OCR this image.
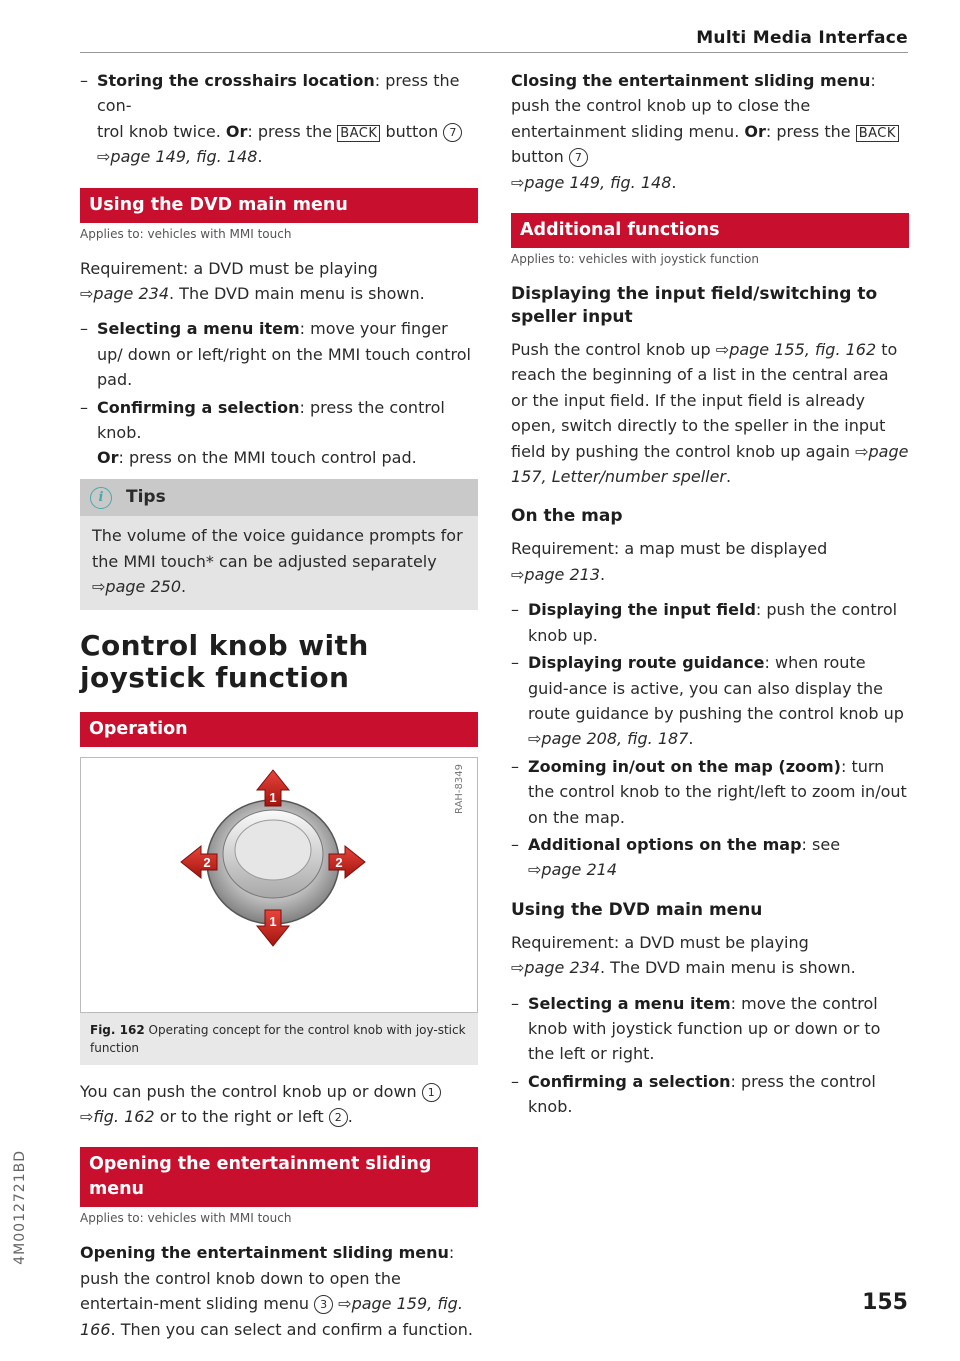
Multi Media Interface
– Storing the crosshairs location: press the con-
trol knob twice. Or: press the BACK button 7
⇨page 149, fig. 148.
Using the DVD main menu
Applies to: vehicles with MMI touch

Requirement: a DVD must be playing
⇨page 234. The DVD main menu is shown.

– Selecting a menu item: move your finger up/ down or left/right on the MMI touch control pad.
– Confirming a selection: press the control knob.
Or: press on the MMI touch control pad.
i	Tips
The volume of the voice guidance prompts for the MMI touch* can be adjusted separately
⇨page 250.
Control knob with
joystick function
Operation
RAH-8349
1
1
2	2
Fig. 162 Operating concept for the control knob with joy-stick function

You can push the control knob up or down 1
⇨fig. 162 or to the right or left 2 .

Opening the entertainment sliding menu
Applies to: vehicles with MMI touch

Opening the entertainment sliding menu: push the control knob down to open the entertain-ment sliding menu 3 ⇨page 159, fig. 166. Then you can select and confirm a function.

Closing the entertainment sliding menu: push the control knob up to close the entertainment sliding menu. Or: press the BACK button 7
⇨page 149, fig. 148.

Additional functions
Applies to: vehicles with joystick function
Displaying the input field/switching to speller input

Push the control knob up ⇨page 155, fig. 162 to reach the beginning of a list in the central area or the input field. If the input field is already open, switch directly to the speller in the input field by pushing the control knob up again ⇨page 157, Letter/number speller.

On the map

Requirement: a map must be displayed
⇨page 213.

– Displaying the input field: push the control knob up.
– Displaying route guidance: when route guid-ance is active, you can also display the route guidance by pushing the control knob up
⇨page 208, fig. 187.
– Zooming in/out on the map (zoom): turn the control knob to the right/left to zoom in/out on the map.
– Additional options on the map: see
⇨page 214
Using the DVD main menu

Requirement: a DVD must be playing
⇨page 234. The DVD main menu is shown.

– Selecting a menu item: move the control knob with joystick function up or down or to the left or right.
– Confirming a selection: press the control knob.
4M0012721BD
155
